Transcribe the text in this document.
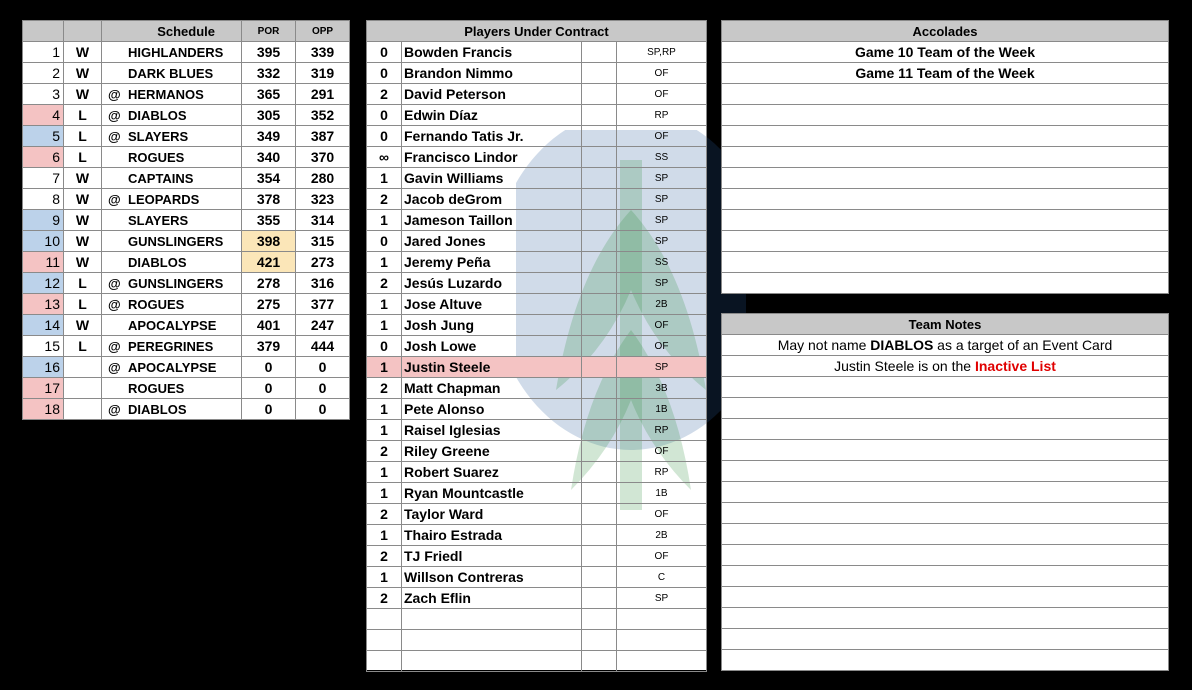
		Schedule	POR	OPP
1	W	HIGHLANDERS	395	339
2	W	DARK BLUES	332	319
3	W	@ HERMANOS	365	291
4	L	@ DIABLOS	305	352
5	L	@ SLAYERS	349	387
6	L	ROGUES	340	370
7	W	CAPTAINS	354	280
8	W	@ LEOPARDS	378	323
9	W	SLAYERS	355	314
10	W	GUNSLINGERS	398	315
11	W	DIABLOS	421	273
12	L	@ GUNSLINGERS	278	316
13	L	@ ROGUES	275	377
14	W	APOCALYPSE	401	247
15	L	@ PEREGRINES	379	444
16		@ APOCALYPSE	0	0
17		ROGUES	0	0
18		@ DIABLOS	0	0
Players Under Contract			
0	Bowden Francis		SP,RP
0	Brandon Nimmo		OF
2	David Peterson		OF
0	Edwin Díaz		RP
0	Fernando Tatis Jr.		OF
∞	Francisco Lindor		SS
1	Gavin Williams		SP
2	Jacob deGrom		SP
1	Jameson Taillon		SP
0	Jared Jones		SP
1	Jeremy Peña		SS
2	Jesús Luzardo		SP
1	Jose Altuve		2B
1	Josh Jung		OF
0	Josh Lowe		OF
1	Justin Steele		SP
2	Matt Chapman		3B
1	Pete Alonso		1B
1	Raisel Iglesias		RP
2	Riley Greene		OF
1	Robert Suarez		RP
1	Ryan Mountcastle		1B
2	Taylor Ward		OF
1	Thairo Estrada		2B
2	TJ Friedl		OF
1	Willson Contreras		C
2	Zach Eflin		SP

Accolades
Game 10 Team of the Week
Game 11 Team of the Week

Team Notes
May not name DIABLOS as a target of an Event Card
Justin Steele is on the Inactive List
